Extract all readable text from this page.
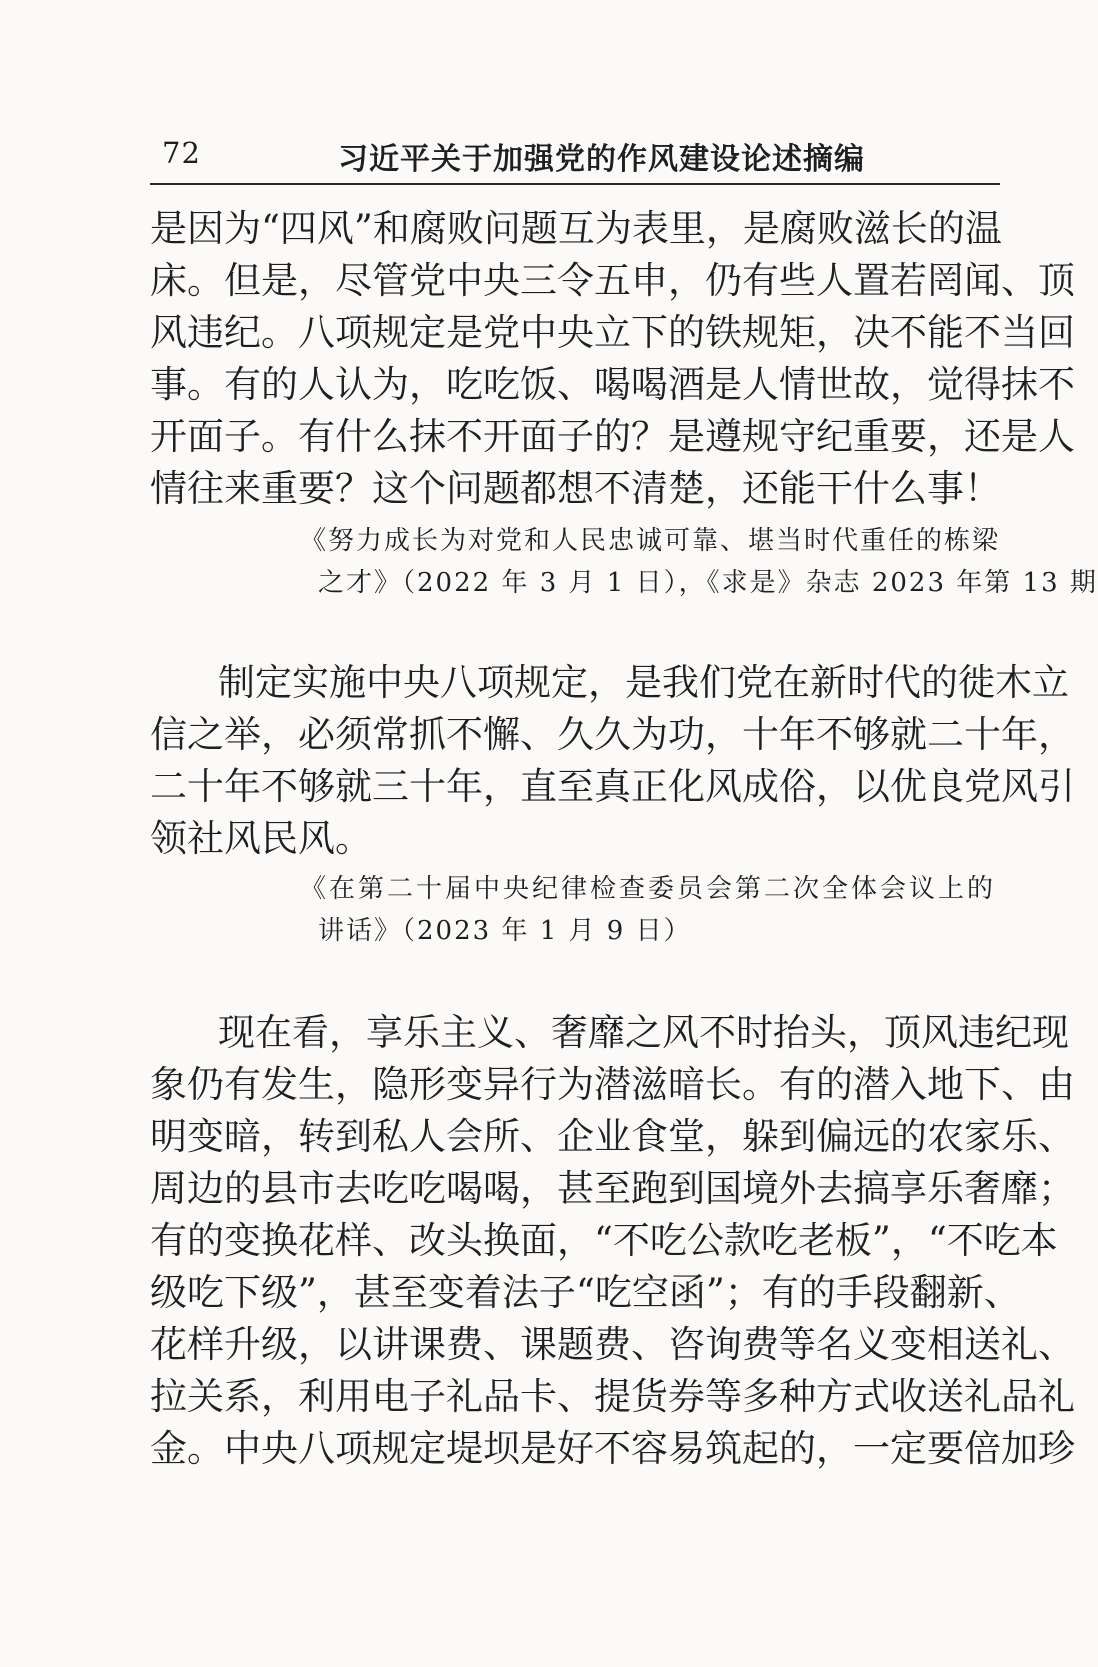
72	习近平关于加强党的作风建设论述摘编
是因为“四风”和腐败问题互为表里，是腐败滋长的温
床。但是，尽管党中央三令五申，仍有些人置若罔闻、顶
风违纪。八项规定是党中央立下的铁规矩，决不能不当回
事。有的人认为，吃吃饭、喝喝酒是人情世故，觉得抹不
开面子。有什么抹不开面子的？是遵规守纪重要，还是人
情往来重要？这个问题都想不清楚，还能干什么事！
《努力成长为对党和人民忠诚可靠、堪当时代重任的栋梁
之才》（2022 年 3 月 1 日），《求是》杂志 2023 年第 13 期
制定实施中央八项规定，是我们党在新时代的徙木立
信之举，必须常抓不懈、久久为功，十年不够就二十年，
二十年不够就三十年，直至真正化风成俗，以优良党风引
领社风民风。
《在第二十届中央纪律检查委员会第二次全体会议上的
讲话》（2023 年 1 月 9 日）
现在看，享乐主义、奢靡之风不时抬头，顶风违纪现
象仍有发生，隐形变异行为潜滋暗长。有的潜入地下、由
明变暗，转到私人会所、企业食堂，躲到偏远的农家乐、
周边的县市去吃吃喝喝，甚至跑到国境外去搞享乐奢靡；
有的变换花样、改头换面，“不吃公款吃老板”，“不吃本
级吃下级”，甚至变着法子“吃空函”；有的手段翻新、
花样升级，以讲课费、课题费、咨询费等名义变相送礼、
拉关系，利用电子礼品卡、提货券等多种方式收送礼品礼
金。中央八项规定堤坝是好不容易筑起的，一定要倍加珍
